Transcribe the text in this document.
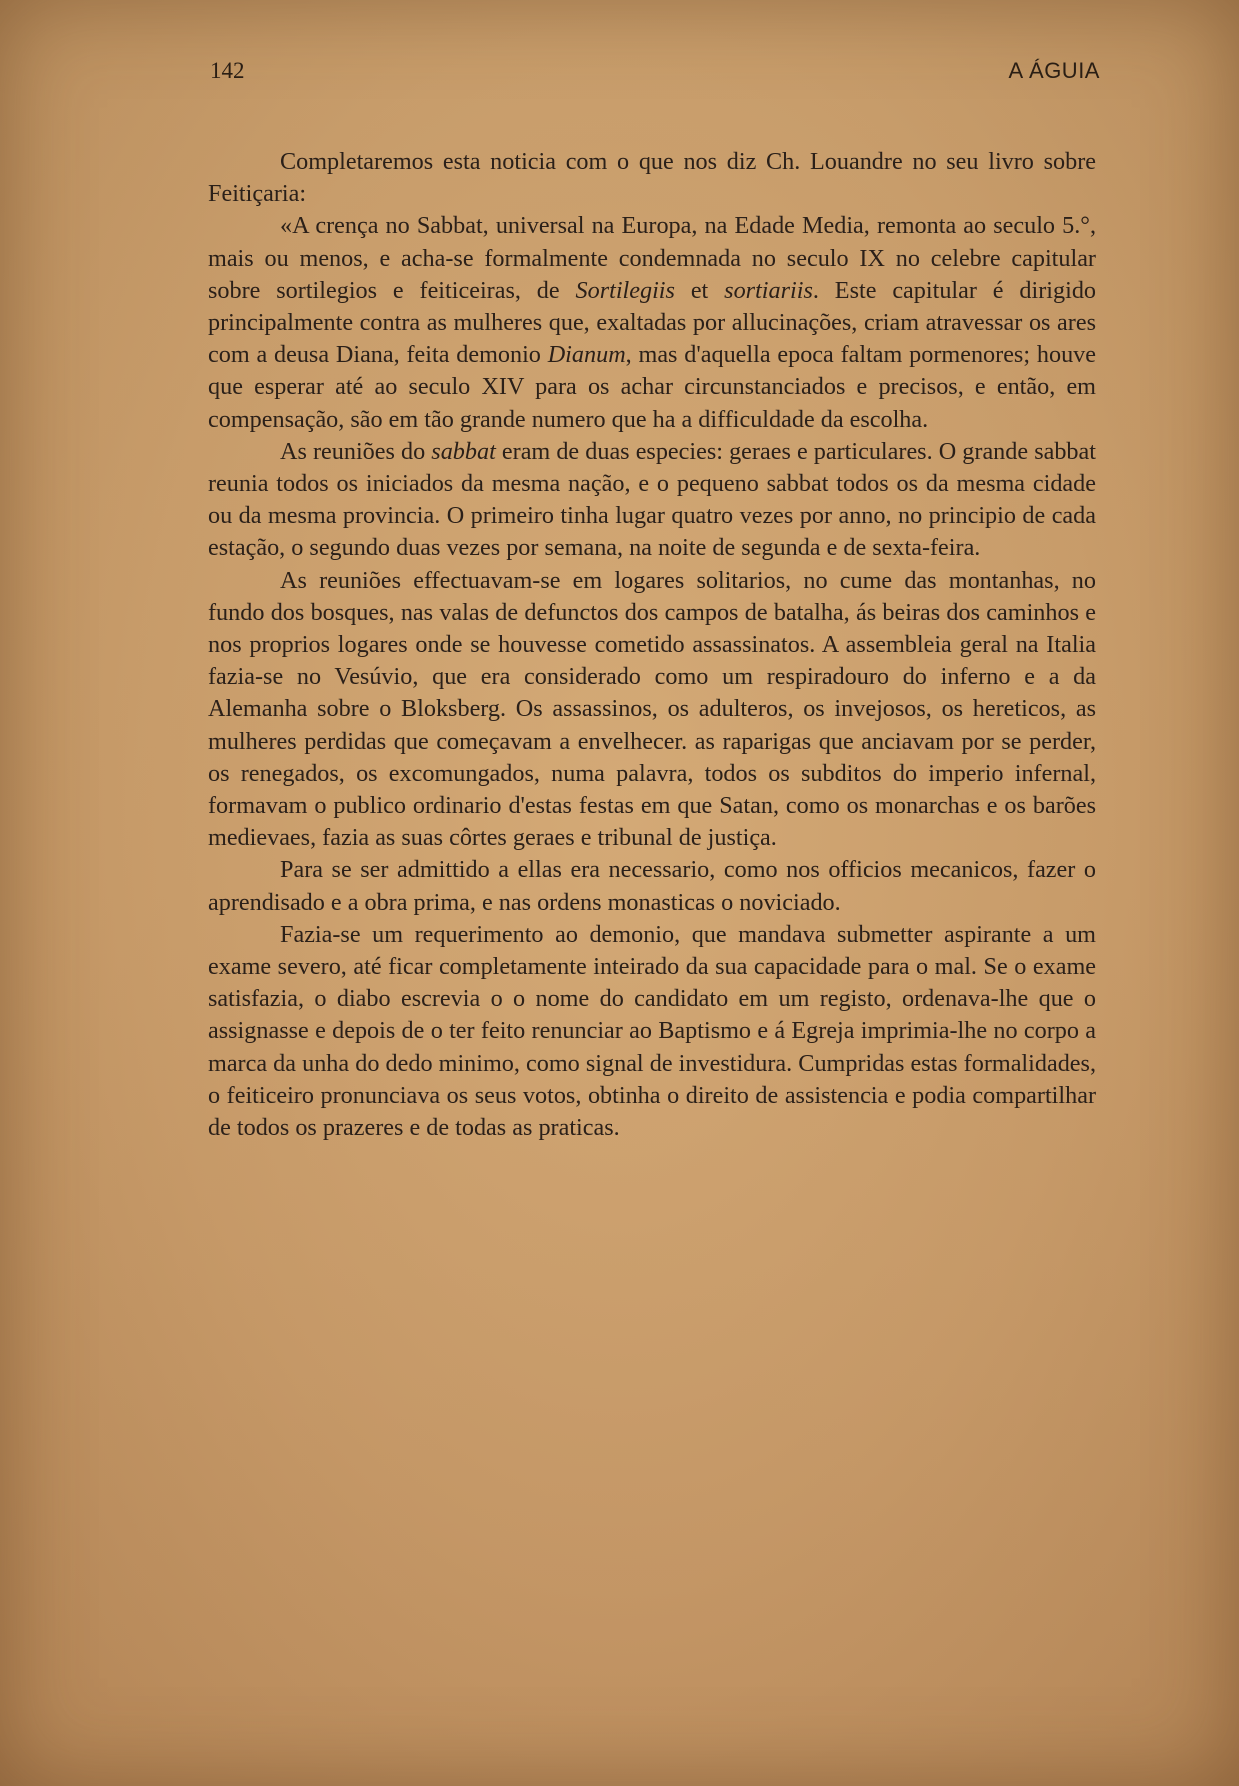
142	A ÁGUIA

Completaremos esta noticia com o que nos diz Ch. Louandre no seu livro sobre Feitiçaria:

«A crença no Sabbat, universal na Europa, na Edade Media, remonta ao seculo 5.°, mais ou menos, e acha-se formalmente condemnada no seculo IX no celebre capitular sobre sortilegios e feiticeiras, de Sortilegiis et sortiariis. Este capitular é dirigido principalmente contra as mulheres que, exaltadas por allucinações, criam atravessar os ares com a deusa Diana, feita demonio Dianum, mas d'aquella epoca faltam pormenores; houve que esperar até ao seculo XIV para os achar circunstanciados e precisos, e então, em compensação, são em tão grande numero que ha a difficuldade da escolha.

As reuniões do sabbat eram de duas especies: geraes e particulares. O grande sabbat reunia todos os iniciados da mesma nação, e o pequeno sabbat todos os da mesma cidade ou da mesma provincia. O primeiro tinha lugar quatro vezes por anno, no principio de cada estação, o segundo duas vezes por semana, na noite de segunda e de sexta-feira.

As reuniões effectuavam-se em logares solitarios, no cume das montanhas, no fundo dos bosques, nas valas de defunctos dos campos de batalha, ás beiras dos caminhos e nos proprios logares onde se houvesse cometido assassinatos. A assembleia geral na Italia fazia-se no Vesúvio, que era considerado como um respiradouro do inferno e a da Alemanha sobre o Bloksberg. Os assassinos, os adulteros, os invejosos, os hereticos, as mulheres perdidas que começavam a envelhecer. as raparigas que anciavam por se perder, os renegados, os excomungados, numa palavra, todos os subditos do imperio infernal, formavam o publico ordinario d'estas festas em que Satan, como os monarchas e os barões medievaes, fazia as suas côrtes geraes e tribunal de justiça.

Para se ser admittido a ellas era necessario, como nos officios mecanicos, fazer o aprendisado e a obra prima, e nas ordens monasticas o noviciado.

Fazia-se um requerimento ao demonio, que mandava submetter aspirante a um exame severo, até ficar completamente inteirado da sua capacidade para o mal. Se o exame satisfazia, o diabo escrevia o o nome do candidato em um registo, ordenava-lhe que o assignasse e depois de o ter feito renunciar ao Baptismo e á Egreja imprimia-lhe no corpo a marca da unha do dedo minimo, como signal de investidura. Cumpridas estas formalidades, o feiticeiro pronunciava os seus votos, obtinha o direito de assistencia e podia compartilhar de todos os prazeres e de todas as praticas.
